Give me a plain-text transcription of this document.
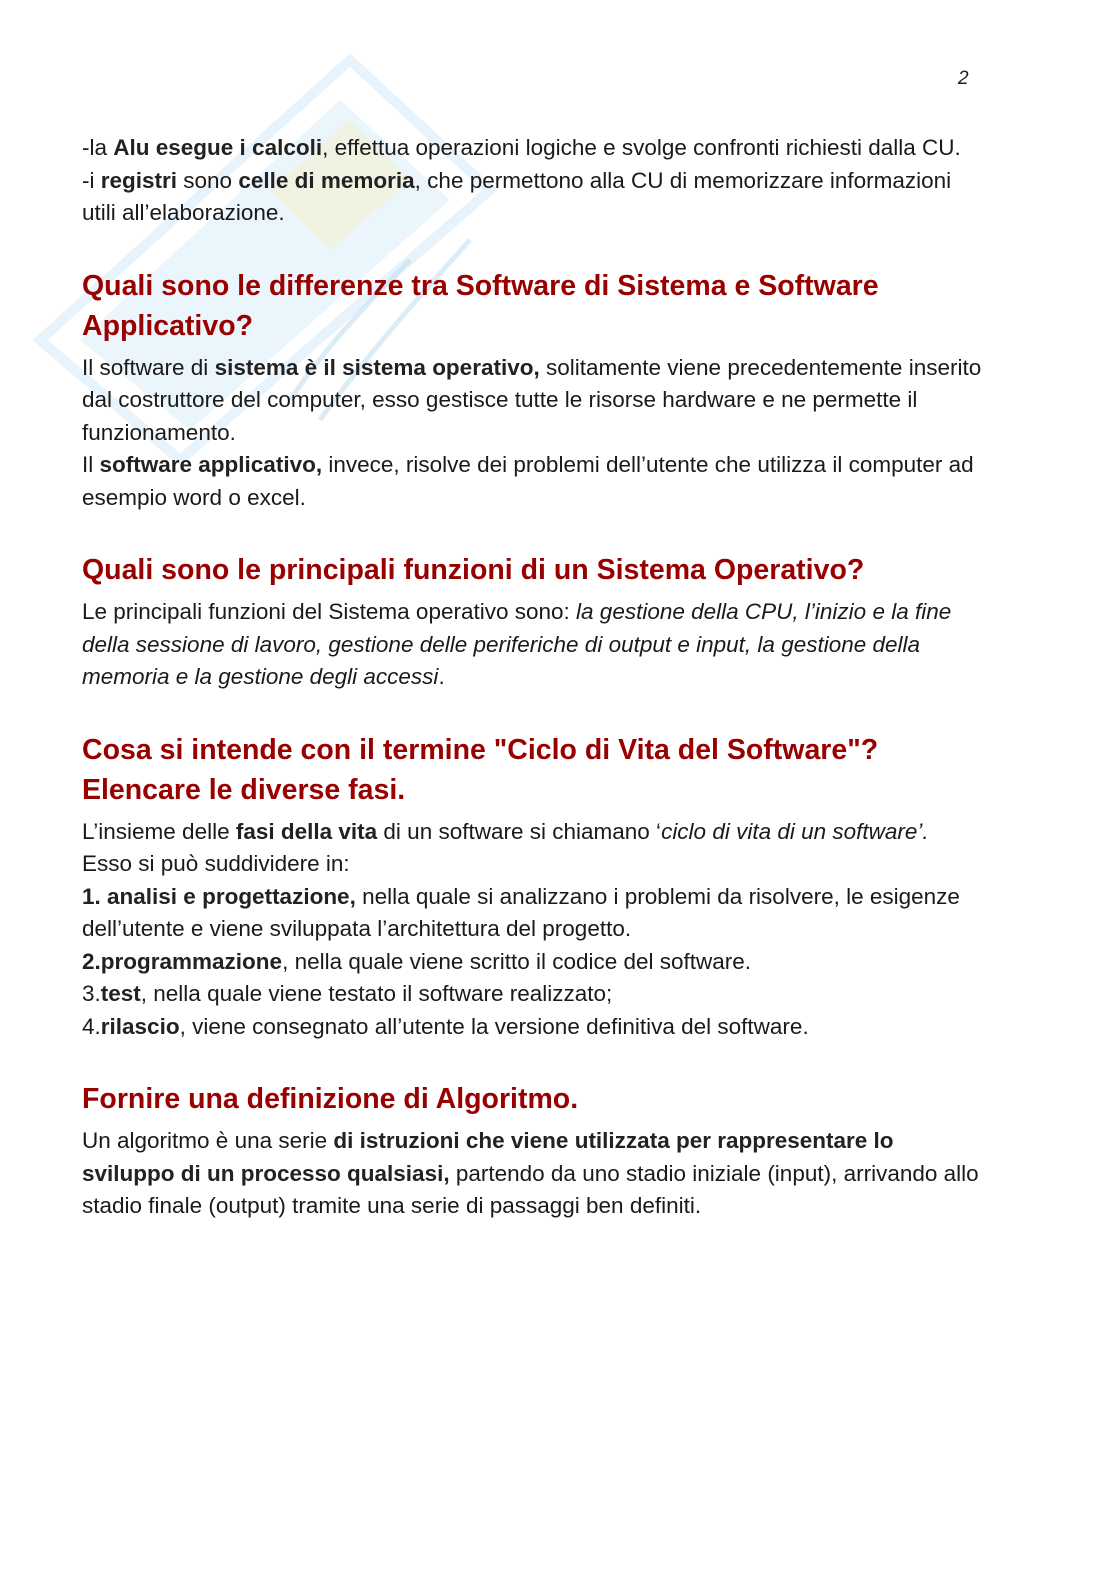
2

-la Alu esegue i calcoli, effettua operazioni logiche e svolge confronti richiesti dalla CU.

-i registri sono celle di memoria, che permettono alla CU di memorizzare informazioni utili all’elaborazione.

Quali sono le differenze tra Software di Sistema e Software Applicativo?

Il software di sistema è il sistema operativo, solitamente viene precedentemente inserito dal costruttore del computer, esso gestisce tutte le risorse hardware e ne permette il funzionamento.

Il software applicativo, invece, risolve dei problemi dell’utente che utilizza il computer ad esempio word o excel.

Quali sono le principali funzioni di un Sistema Operativo?

Le principali funzioni del Sistema operativo sono: la gestione della CPU, l’inizio e la fine della sessione di lavoro, gestione delle periferiche di output e input, la gestione della memoria e la gestione degli accessi.

Cosa si intende con il termine "Ciclo di Vita del Software"? Elencare le diverse fasi.

L’insieme delle fasi della vita di un software si chiamano ‘ciclo di vita di un software’.

Esso si può suddividere in:

1. analisi e progettazione, nella quale si analizzano i problemi da risolvere, le esigenze dell’utente e viene sviluppata l’architettura del progetto.

2.programmazione, nella quale viene scritto il codice del software.

3.test, nella quale viene testato il software realizzato;

4.rilascio, viene consegnato all’utente la versione definitiva del software.

Fornire una definizione di Algoritmo.

Un algoritmo è una serie di istruzioni che viene utilizzata per rappresentare lo sviluppo di un processo qualsiasi, partendo da uno stadio iniziale (input), arrivando allo stadio finale (output) tramite una serie di passaggi ben definiti.
